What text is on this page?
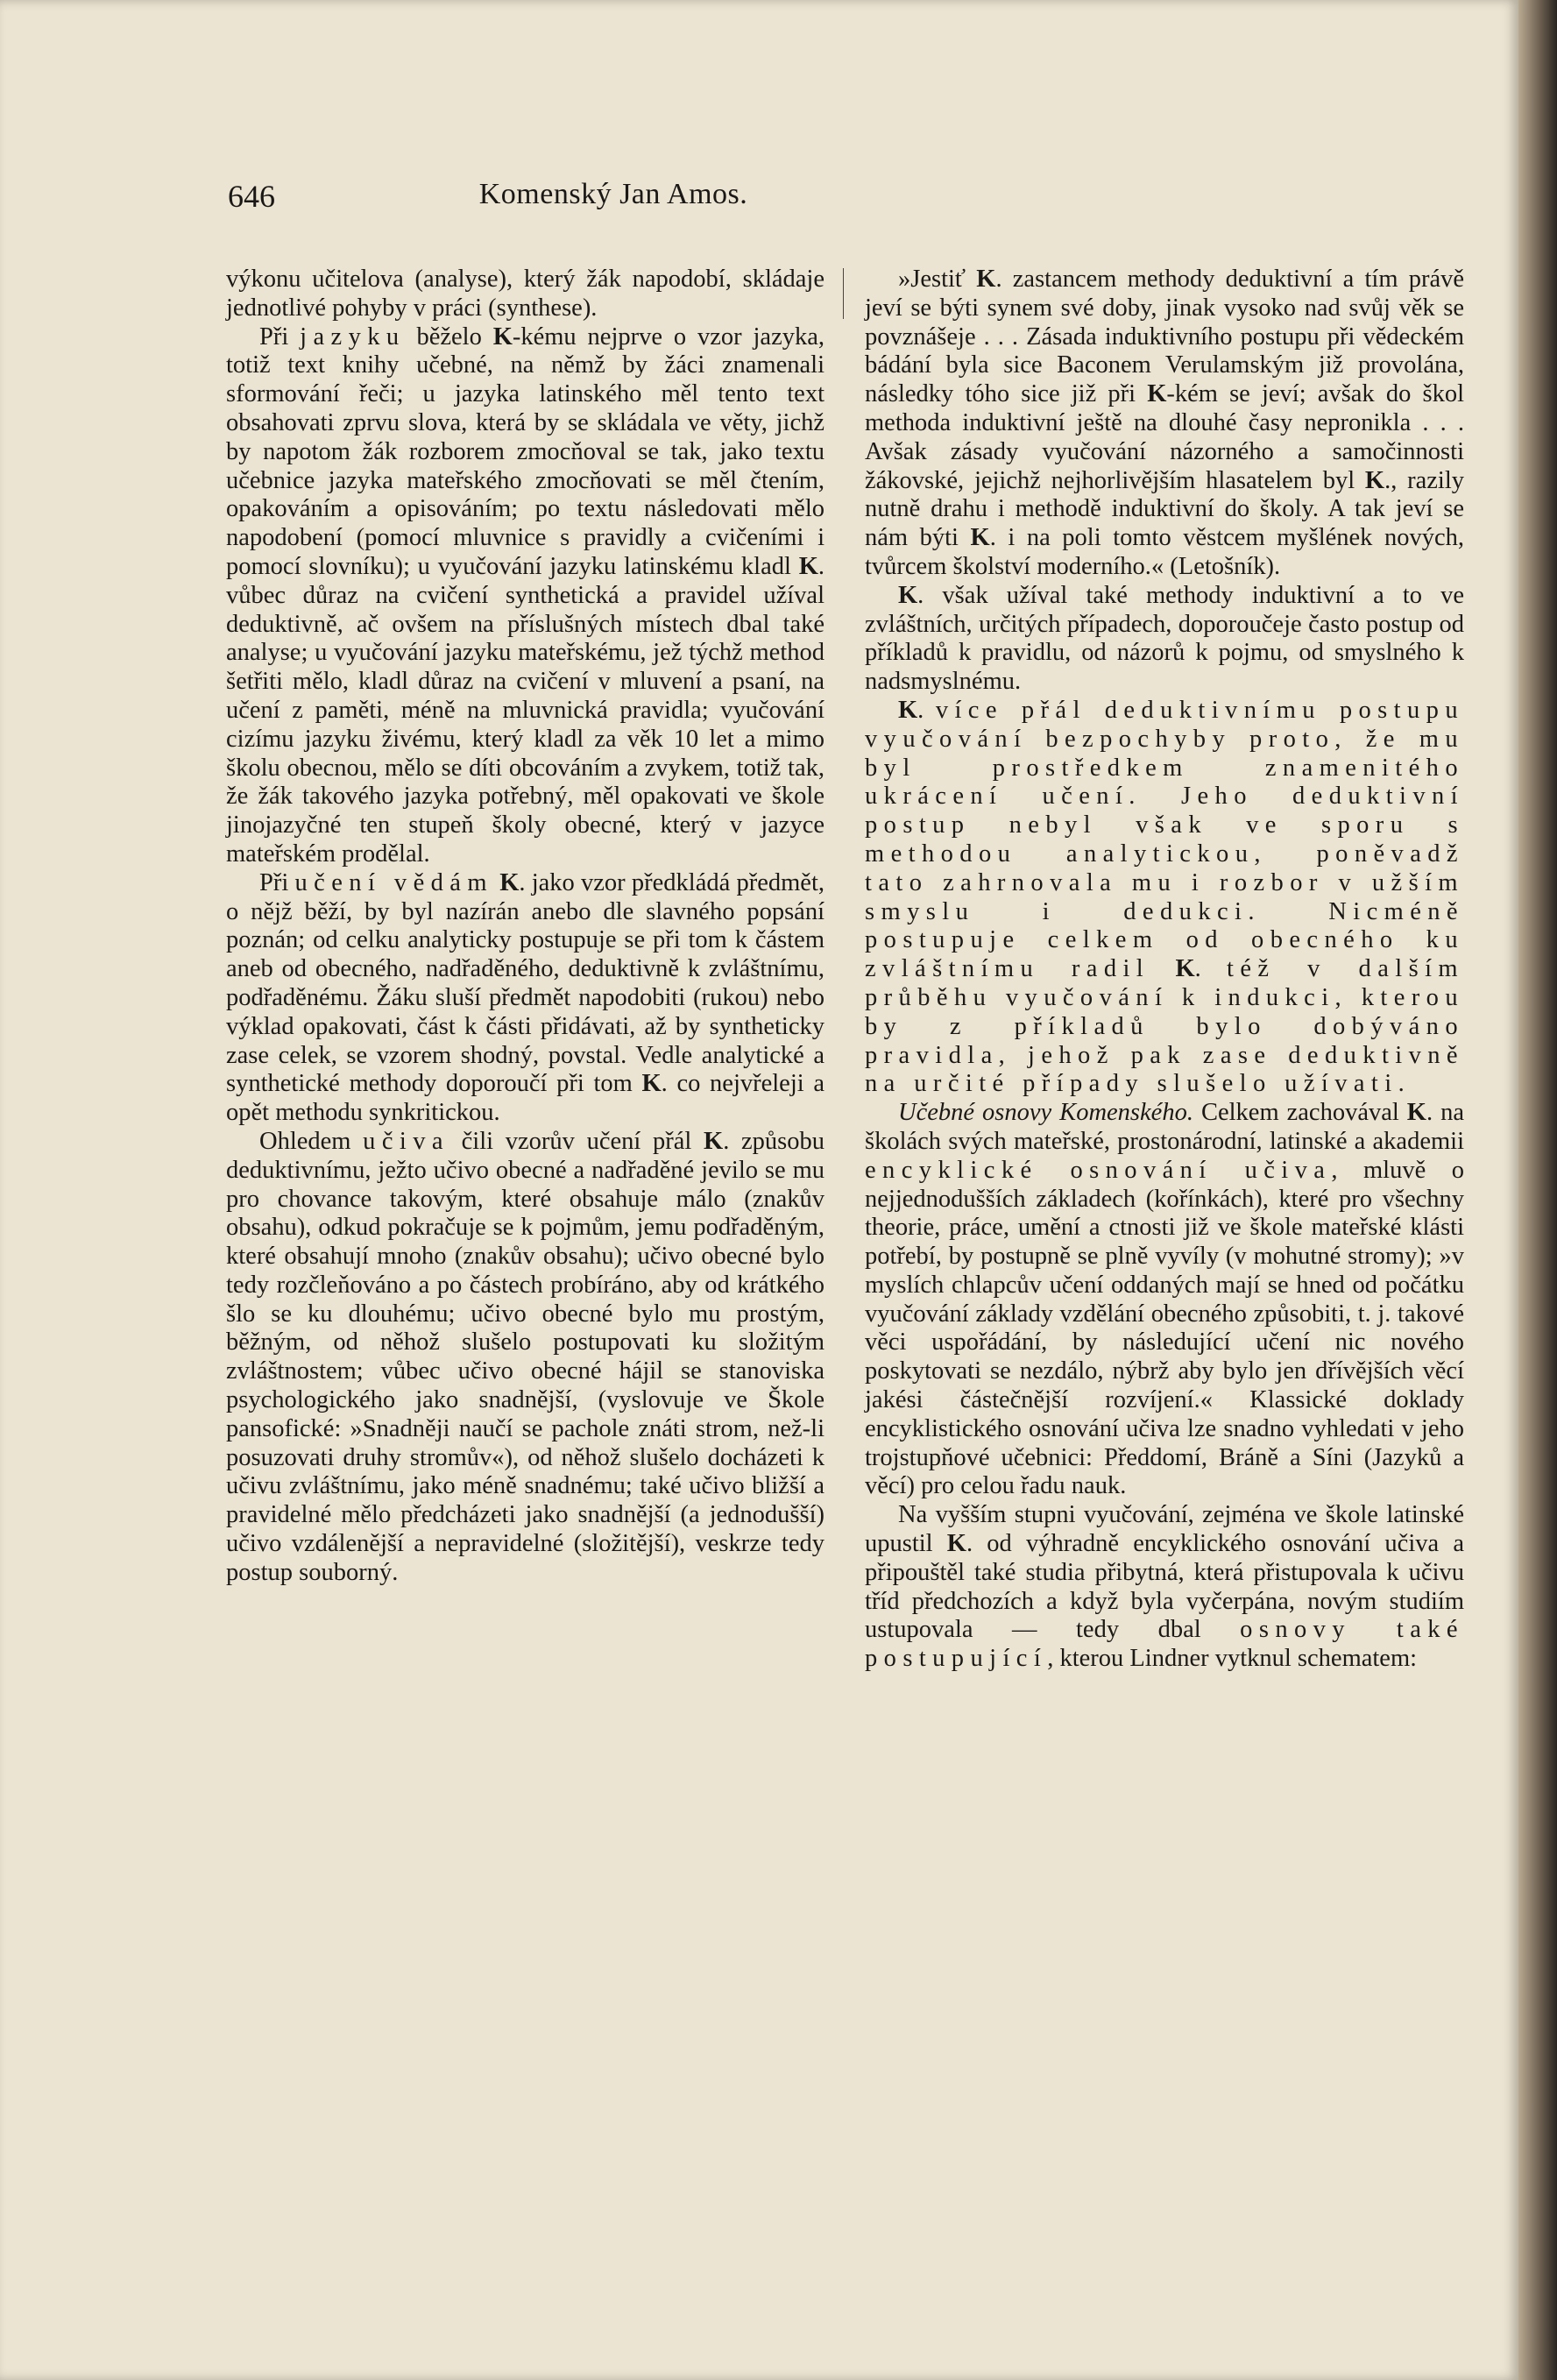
646	Komenský Jan Amos.

výkonu učitelova (analyse), který žák napodobí, skládaje jednotlivé pohyby v práci (synthese).

Při jazyku běželo K-kému nejprve o vzor jazyka, totiž text knihy učebné, na němž by žáci znamenali sformování řeči; u jazyka latinského měl tento text obsahovati zprvu slova, která by se skládala ve věty, jichž by napotom žák rozborem zmocňoval se tak, jako textu učebnice jazyka mateřského zmocňovati se měl čtením, opakováním a opisováním; po textu následovati mělo napodobení (pomocí mluvnice s pravidly a cvičeními i pomocí slovníku); u vyučování jazyku latinskému kladl K. vůbec důraz na cvičení synthetická a pravidel užíval deduktivně, ač ovšem na příslušných místech dbal také analyse; u vyučování jazyku mateřskému, jež týchž method šetřiti mělo, kladl důraz na cvičení v mluvení a psaní, na učení z paměti, méně na mluvnická pravidla; vyučování cizímu jazyku živému, který kladl za věk 10 let a mimo školu obecnou, mělo se díti obcováním a zvykem, totiž tak, že žák takového jazyka potřebný, měl opakovati ve škole jinojazyčné ten stupeň školy obecné, který v jazyce mateřském prodělal.

Při učení vědám K. jako vzor předkládá předmět, o nějž běží, by byl nazírán anebo dle slavného popsání poznán; od celku analyticky postupuje se při tom k částem aneb od obecného, nadřaděného, deduktivně k zvláštnímu, podřaděnému. Žáku sluší předmět napodobiti (rukou) nebo výklad opakovati, část k části přidávati, až by syntheticky zase celek, se vzorem shodný, povstal. Vedle analytické a synthetické methody doporoučí při tom K. co nejvřeleji a opět methodu synkritickou.

Ohledem učiva čili vzorův učení přál K. způsobu deduktivnímu, ježto učivo obecné a nadřaděné jevilo se mu pro chovance takovým, které obsahuje málo (znakův obsahu), odkud pokračuje se k pojmům, jemu podřaděným, které obsahují mnoho (znakův obsahu); učivo obecné bylo tedy rozčleňováno a po částech probíráno, aby od krátkého šlo se ku dlouhému; učivo obecné bylo mu prostým, běžným, od něhož slušelo postupovati ku složitým zvláštnostem; vůbec učivo obecné hájil se stanoviska psychologického jako snadnější, (vyslovuje ve Škole pansofické: »Snadněji naučí se pachole znáti strom, než-li posuzovati druhy stromův«), od něhož slušelo docházeti k učivu zvláštnímu, jako méně snadnému; také učivo bližší a pravidelné mělo předcházeti jako snadnější (a jednodušší) učivo vzdálenější a nepravidelné (složitější), veskrze tedy postup souborný.

»Jestiť K. zastancem methody deduktivní a tím právě jeví se býti synem své doby, jinak vysoko nad svůj věk se povznášeje . . . Zásada induktivního postupu při vědeckém bádání byla sice Baconem Verulamským již provolána, následky tóho sice již při K-kém se jeví; avšak do škol methoda induktivní ještě na dlouhé časy nepronikla . . . Avšak zásady vyučování názorného a samočinnosti žákovské, jejichž nejhorlivějším hlasatelem byl K., razily nutně drahu i methodě induktivní do školy. A tak jeví se nám býti K. i na poli tomto věstcem myšlének nových, tvůrcem školství moderního.« (Letošník).

K. však užíval také methody induktivní a to ve zvláštních, určitých případech, doporoučeje často postup od příkladů k pravidlu, od názorů k pojmu, od smyslného k nadsmyslnému.

K. více přál deduktivnímu postupu vyučování bezpochyby proto, že mu byl prostředkem znamenitého ukrácení učení. Jeho deduktivní postup nebyl však ve sporu s methodou analytickou, poněvadž tato zahrnovala mu i rozbor v užším smyslu i dedukci. Nicméně postupuje celkem od obecného ku zvláštnímu radil K. též v dalším průběhu vyučování k indukci, kterou by z příkladů bylo dobýváno pravidla, jehož pak zase deduktivně na určité případy slušelo užívati.

Učebné osnovy Komenského. Celkem zachovával K. na školách svých mateřské, prostonárodní, latinské a akademii encyklické osnování učiva, mluvě o nejjednodušších základech (kořínkách), které pro všechny theorie, práce, umění a ctnosti již ve škole mateřské klásti potřebí, by postupně se plně vyvíly (v mohutné stromy); »v myslích chlapcův učení oddaných mají se hned od počátku vyučování základy vzdělání obecného způsobiti, t. j. takové věci uspořádání, by následující učení nic nového poskytovati se nezdálo, nýbrž aby bylo jen dřívějších věcí jakési částečnější rozvíjení.« Klassické doklady encyklistického osnování učiva lze snadno vyhledati v jeho trojstupňové učebnici: Předdomí, Bráně a Síni (Jazyků a věcí) pro celou řadu nauk.

Na vyšším stupni vyučování, zejména ve škole latinské upustil K. od výhradně encyklického osnování učiva a připouštěl také studia přibytná, která přistupovala k učivu tříd předchozích a když byla vyčerpána, novým studiím ustupovala — tedy dbal osnovy také postupující, kterou Lindner vytknul schematem:
